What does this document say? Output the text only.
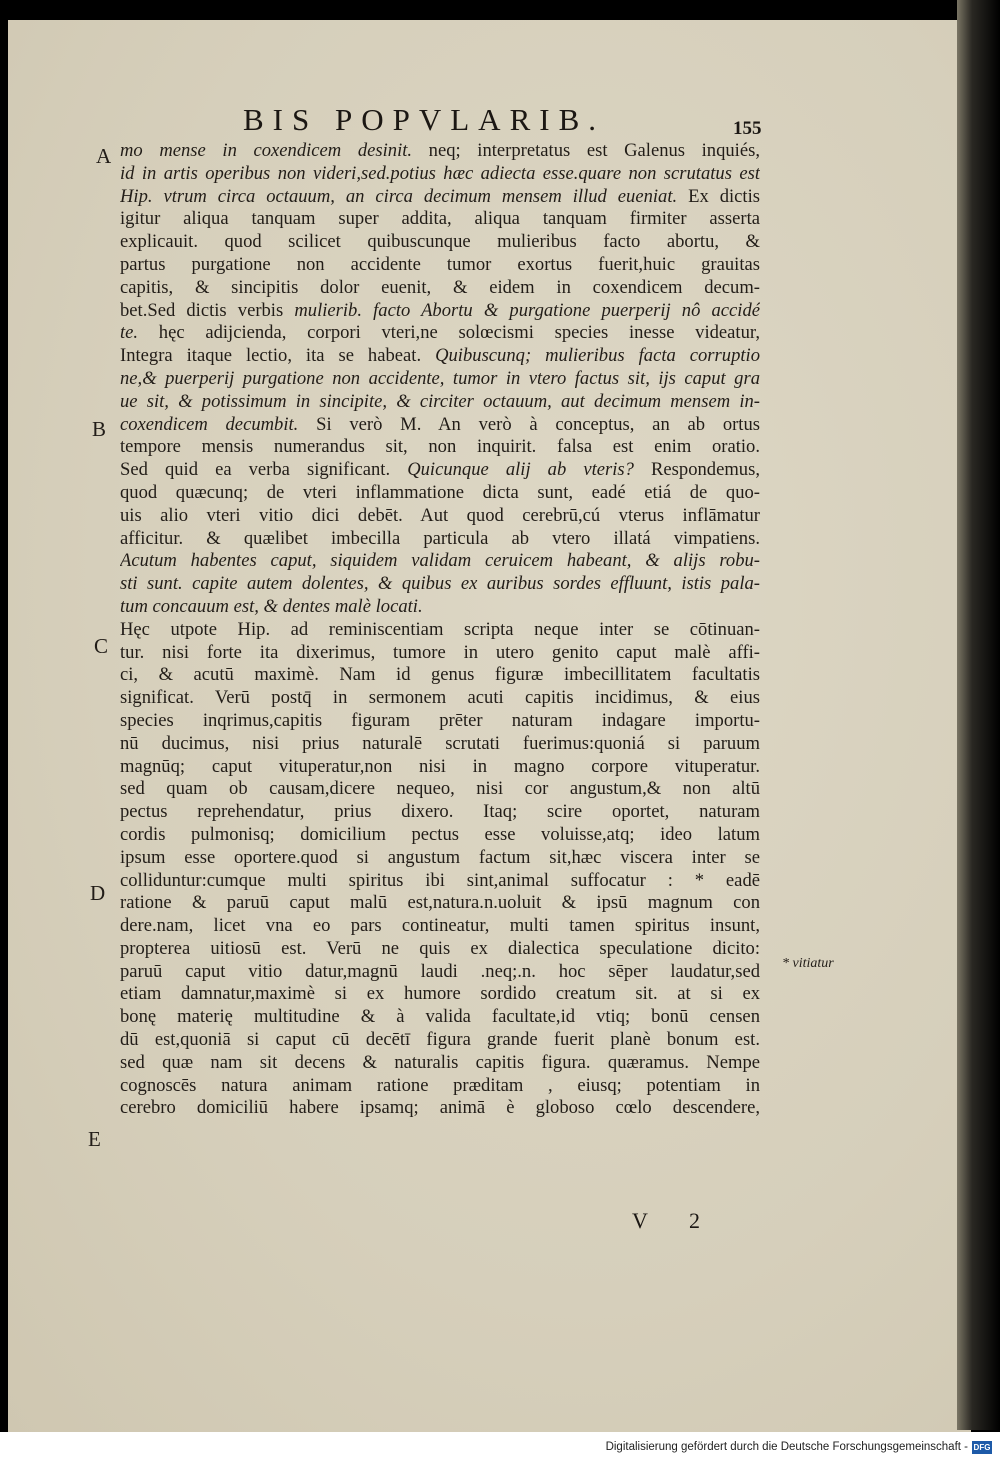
BIS POPVLARIB.	155
A
B
C
D
E
* vitiatur
mo mense in coxendicem desinit. neq; interpretatus est Galenus inquiés,
id in artis operibus non videri,sed.potius hæc adiecta esse.quare non scrutatus est
Hip. vtrum circa octauum, an circa decimum mensem illud eueniat. Ex dictis
igitur aliqua tanquam super addita, aliqua tanquam firmiter asserta
explicauit. quod scilicet quibuscunque mulieribus facto abortu, &
partus purgatione non accidente tumor exortus fuerit,huic grauitas
capitis, & sincipitis dolor euenit, & eidem in coxendicem decum-
bet.Sed dictis verbis mulierib. facto Abortu & purgatione puerperij nô accidé
te. hęc adijcienda, corpori vteri,ne solœcismi species inesse videatur,
Integra itaque lectio, ita se habeat. Quibuscunq; mulieribus facta corruptio
ne,& puerperij purgatione non accidente, tumor in vtero factus sit, ijs caput gra
ue sit, & potissimum in sincipite, & circiter octauum, aut decimum mensem in-
coxendicem decumbit. Si verò M. An verò à conceptus, an ab ortus
tempore mensis numerandus sit, non inquirit. falsa est enim oratio.
Sed quid ea verba significant. Quicunque alij ab vteris? Respondemus,
quod quæcunq; de vteri inflammatione dicta sunt, eadé etiá de quo-
uis alio vteri vitio dici debēt. Aut quod cerebrū,cú vterus inflāmatur
afficitur. & quælibet imbecilla particula ab vtero illatá vimpatiens.
Acutum habentes caput, siquidem validam ceruicem habeant, & alijs robu-
sti sunt. capite autem dolentes, & quibus ex auribus sordes effluunt, istis pala-
tum concauum est, & dentes malè locati.
Hęc utpote Hip. ad reminiscentiam scripta neque inter se cōtinuan-
tur. nisi forte ita dixerimus, tumore in utero genito caput malè affi-
ci, & acutū maximè. Nam id genus figuræ imbecillitatem facultatis
significat. Verū postq̄ in sermonem acuti capitis incidimus, & eius
species inqrimus,capitis figuram prēter naturam indagare importu-
nū ducimus, nisi prius naturalē scrutati fuerimus:quoniá si paruum
magnūq; caput vituperatur,non nisi in magno corpore vituperatur.
sed quam ob causam,dicere nequeo, nisi cor angustum,& non altū
pectus reprehendatur, prius dixero. Itaq; scire oportet, naturam
cordis pulmonisq; domicilium pectus esse voluisse,atq; ideo latum
ipsum esse oportere.quod si angustum factum sit,hæc viscera inter se
colliduntur:cumque multi spiritus ibi sint,animal suffocatur : * eadē
ratione & paruū caput malū est,natura.n.uoluit & ipsū magnum con
dere.nam, licet vna eo pars contineatur, multi tamen spiritus insunt,
propterea uitiosū est. Verū ne quis ex dialectica speculatione dicito:
paruū caput vitio datur,magnū laudi .neq;.n. hoc sēper laudatur,sed
etiam damnatur,maximè si ex humore sordido creatum sit. at si ex
bonę materię multitudine & à valida facultate,id vtiq; bonū censen
dū est,quoniā si caput cū decētī figura grande fuerit planè bonum est.
sed quæ nam sit decens & naturalis capitis figura. quæramus. Nempe
cognoscēs natura animam ratione præditam , eiusq; potentiam in
cerebro domiciliū habere ipsamq; animā è globoso cœlo descendere,
V 2
Digitalisierung gefördert durch die Deutsche Forschungsgemeinschaft - DFG
